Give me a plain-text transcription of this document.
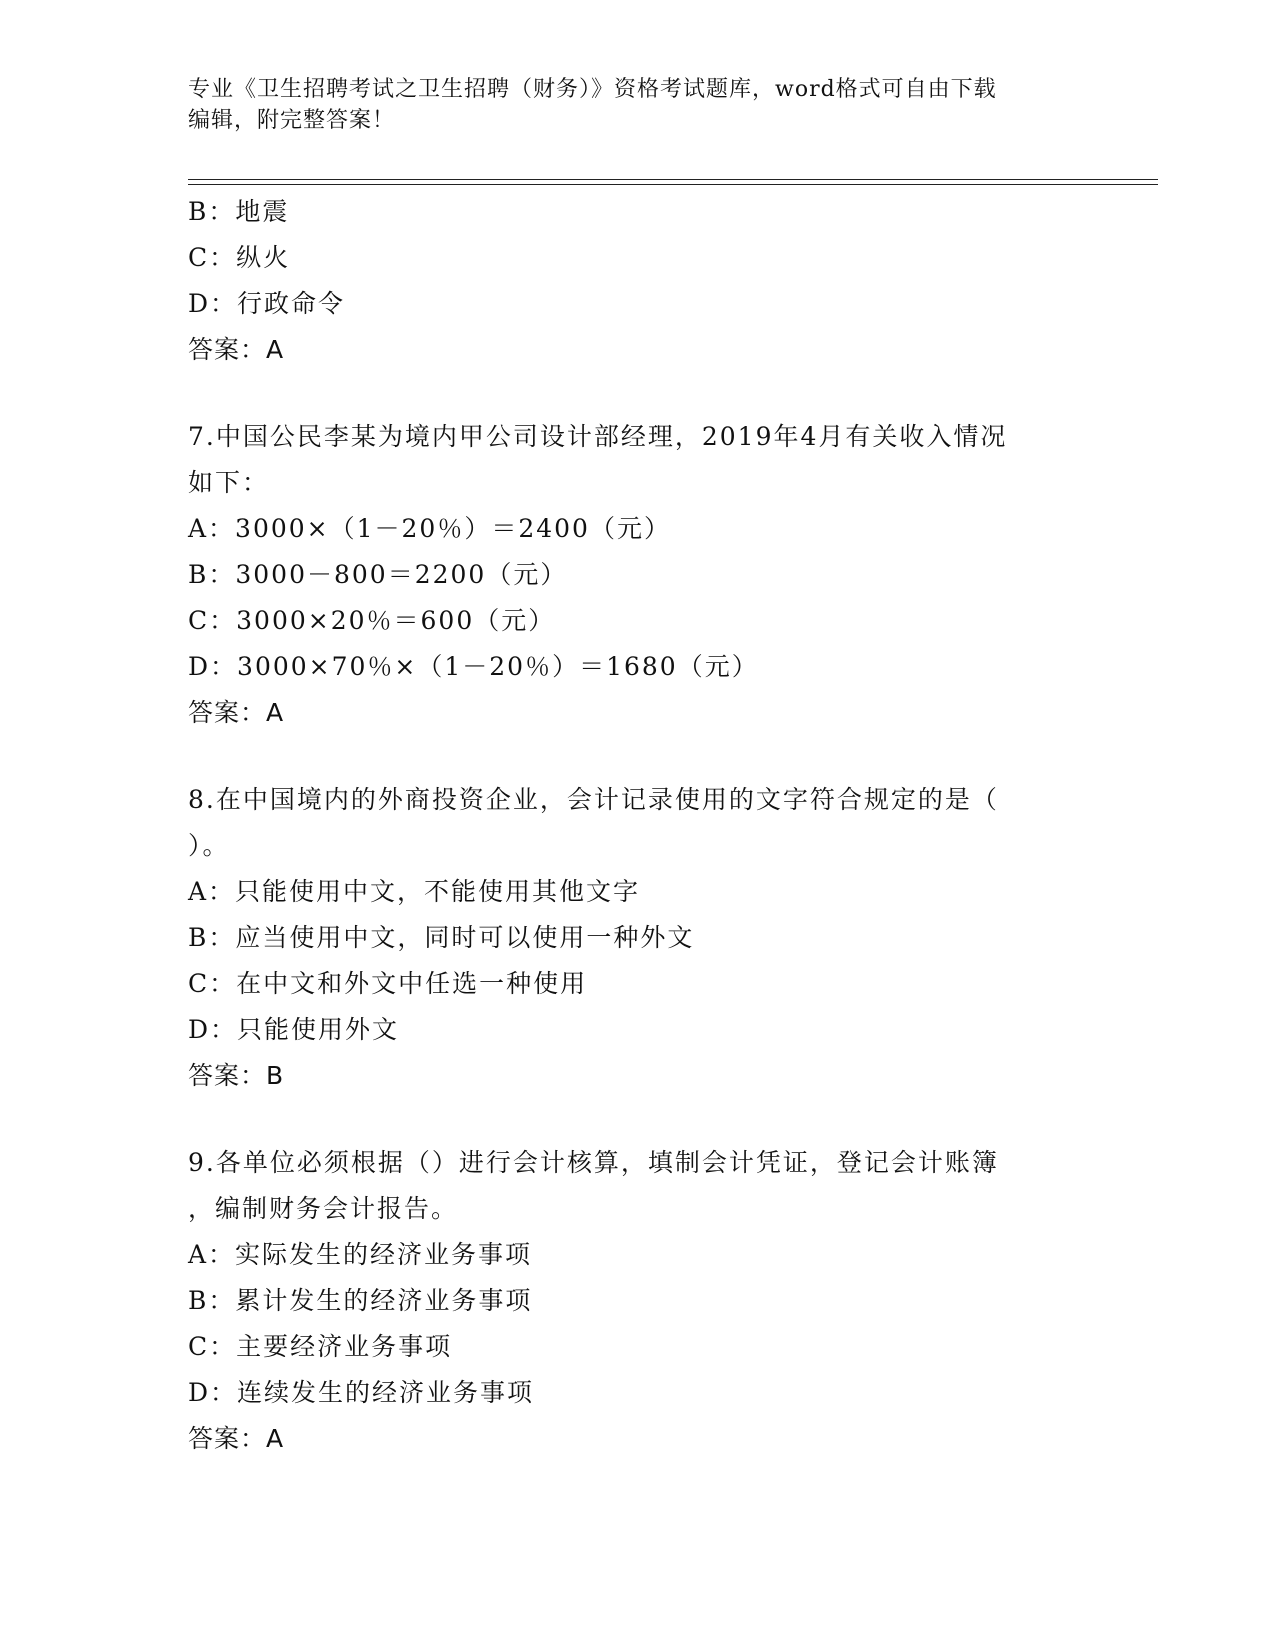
专业《卫生招聘考试之卫生招聘（财务）》资格考试题库，word格式可自由下载
编辑，附完整答案！
B：地震
C：纵火
D：行政命令
答案：A
7.中国公民李某为境内甲公司设计部经理，2019年4月有关收入情况
如下：
A：3000×（1－20％）＝2400（元）
B：3000－800＝2200（元）
C：3000×20％＝600（元）
D：3000×70％×（1－20％）＝1680（元）
答案：A
8.在中国境内的外商投资企业，会计记录使用的文字符合规定的是（
）。
A：只能使用中文，不能使用其他文字
B：应当使用中文，同时可以使用一种外文
C：在中文和外文中任选一种使用
D：只能使用外文
答案：B
9.各单位必须根据（）进行会计核算，填制会计凭证，登记会计账簿
，编制财务会计报告。
A：实际发生的经济业务事项
B：累计发生的经济业务事项
C：主要经济业务事项
D：连续发生的经济业务事项
答案：A
